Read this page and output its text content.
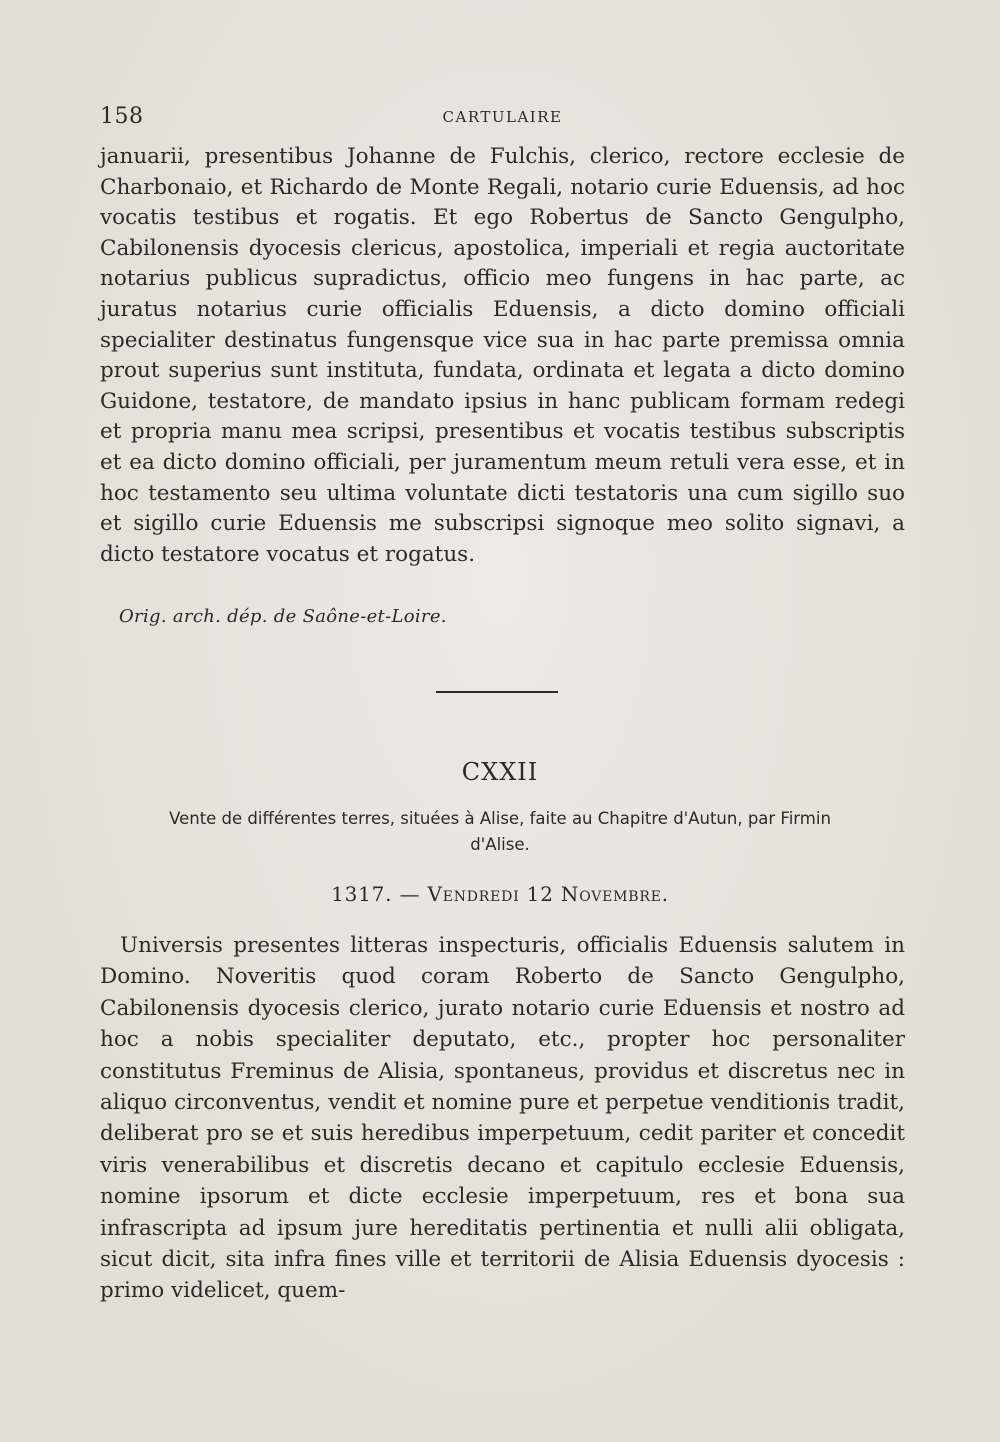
158	CARTULAIRE

januarii, presentibus Johanne de Fulchis, clerico, rectore ecclesie de Charbonaio, et Richardo de Monte Regali, notario curie Eduensis, ad hoc vocatis testibus et rogatis. Et ego Robertus de Sancto Gengulpho, Cabilonensis dyocesis clericus, apostolica, imperiali et regia auctoritate notarius publicus supradictus, officio meo fungens in hac parte, ac juratus notarius curie officialis Eduensis, a dicto domino officiali specialiter destinatus fungensque vice sua in hac parte premissa omnia prout superius sunt instituta, fundata, ordinata et legata a dicto domino Guidone, testatore, de mandato ipsius in hanc publicam formam redegi et propria manu mea scripsi, presentibus et vocatis testibus subscriptis et ea dicto domino officiali, per juramentum meum retuli vera esse, et in hoc testamento seu ultima voluntate dicti testatoris una cum sigillo suo et sigillo curie Eduensis me subscripsi signoque meo solito signavi, a dicto testatore vocatus et rogatus.

Orig. arch. dép. de Saône-et-Loire.
CXXII
Vente de différentes terres, situées à Alise, faite au Chapitre d'Autun, par Firmin d'Alise.
1317. — Vendredi 12 Novembre.

Universis presentes litteras inspecturis, officialis Eduensis salutem in Domino. Noveritis quod coram Roberto de Sancto Gengulpho, Cabilonensis dyocesis clerico, jurato notario curie Eduensis et nostro ad hoc a nobis specialiter deputato, etc., propter hoc personaliter constitutus Freminus de Alisia, spontaneus, providus et discretus nec in aliquo circonventus, vendit et nomine pure et perpetue venditionis tradit, deliberat pro se et suis heredibus imperpetuum, cedit pariter et concedit viris venerabilibus et discretis decano et capitulo ecclesie Eduensis, nomine ipsorum et dicte ecclesie imperpetuum, res et bona sua infrascripta ad ipsum jure hereditatis pertinentia et nulli alii obligata, sicut dicit, sita infra fines ville et territorii de Alisia Eduensis dyocesis : primo videlicet, quem-
